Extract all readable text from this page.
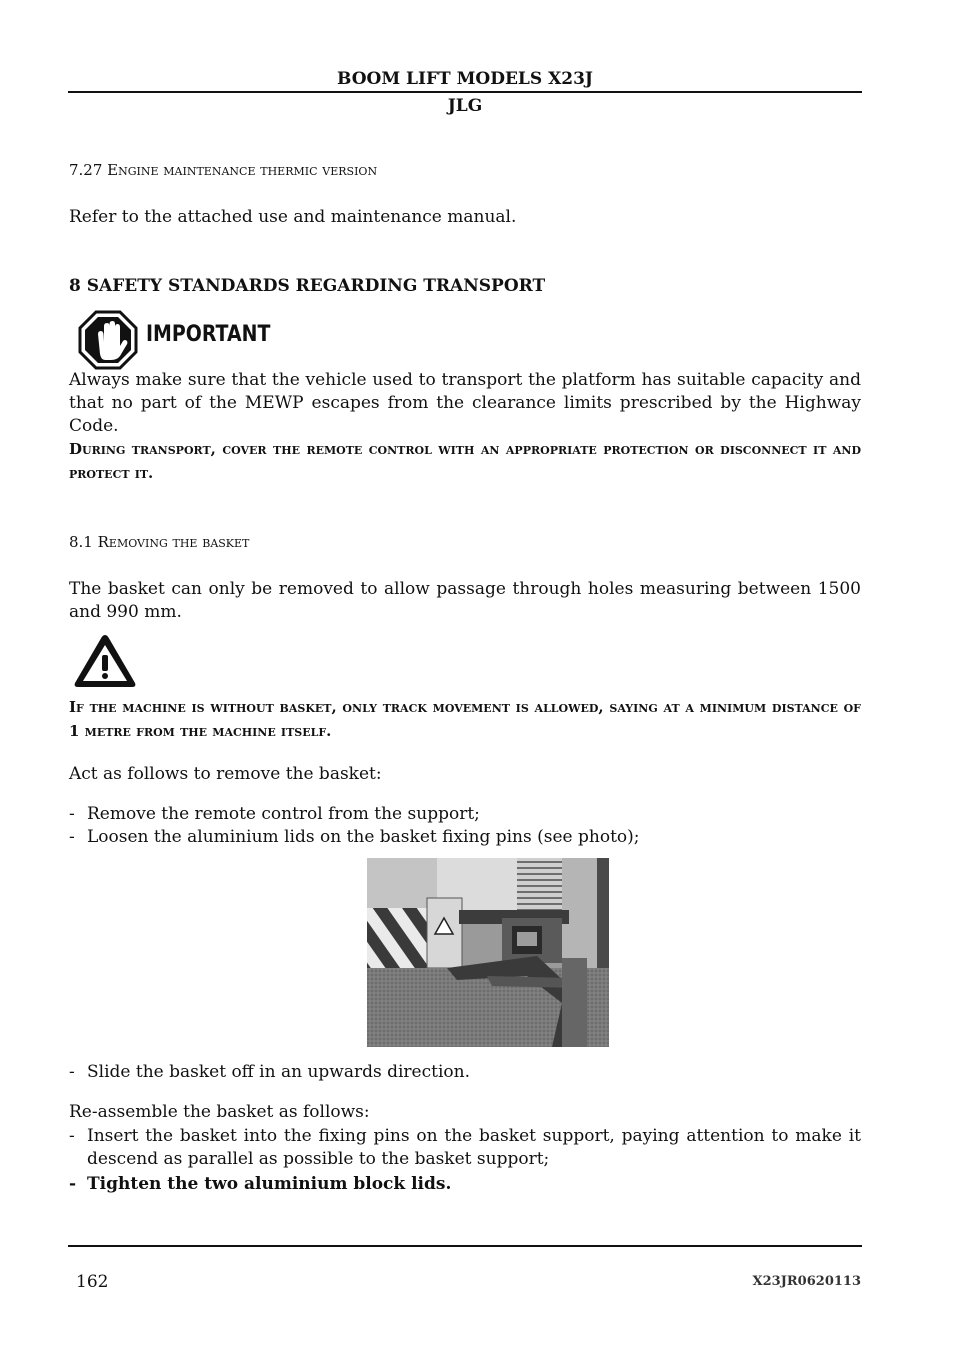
BOOM LIFT MODELS X23J
JLG
7.27 Engine maintenance thermic version
Refer to the attached use and maintenance manual.
8 SAFETY STANDARDS REGARDING TRANSPORT
IMPORTANT
Always make sure that the vehicle used to transport the platform has suitable capacity and that no part of the MEWP escapes from the clearance limits prescribed by the Highway Code.
During transport, cover the remote control with an appropriate protection or disconnect it and protect it.
8.1 Removing the basket
The basket can only be removed to allow passage through holes measuring between 1500 and 990 mm.
If the machine is without basket, only track movement is allowed, saying at a minimum distance of 1 metre from the machine itself.
Act as follows to remove the basket:
- Remove the remote control from the support;
- Loosen the aluminium lids on the basket fixing pins (see photo);
- Slide the basket off in an upwards direction.
Re-assemble the basket as follows:
- Insert the basket into the fixing pins on the basket support, paying attention to make it descend as parallel as possible to the basket support;
- Tighten the two aluminium block lids.
162	X23JR0620113
